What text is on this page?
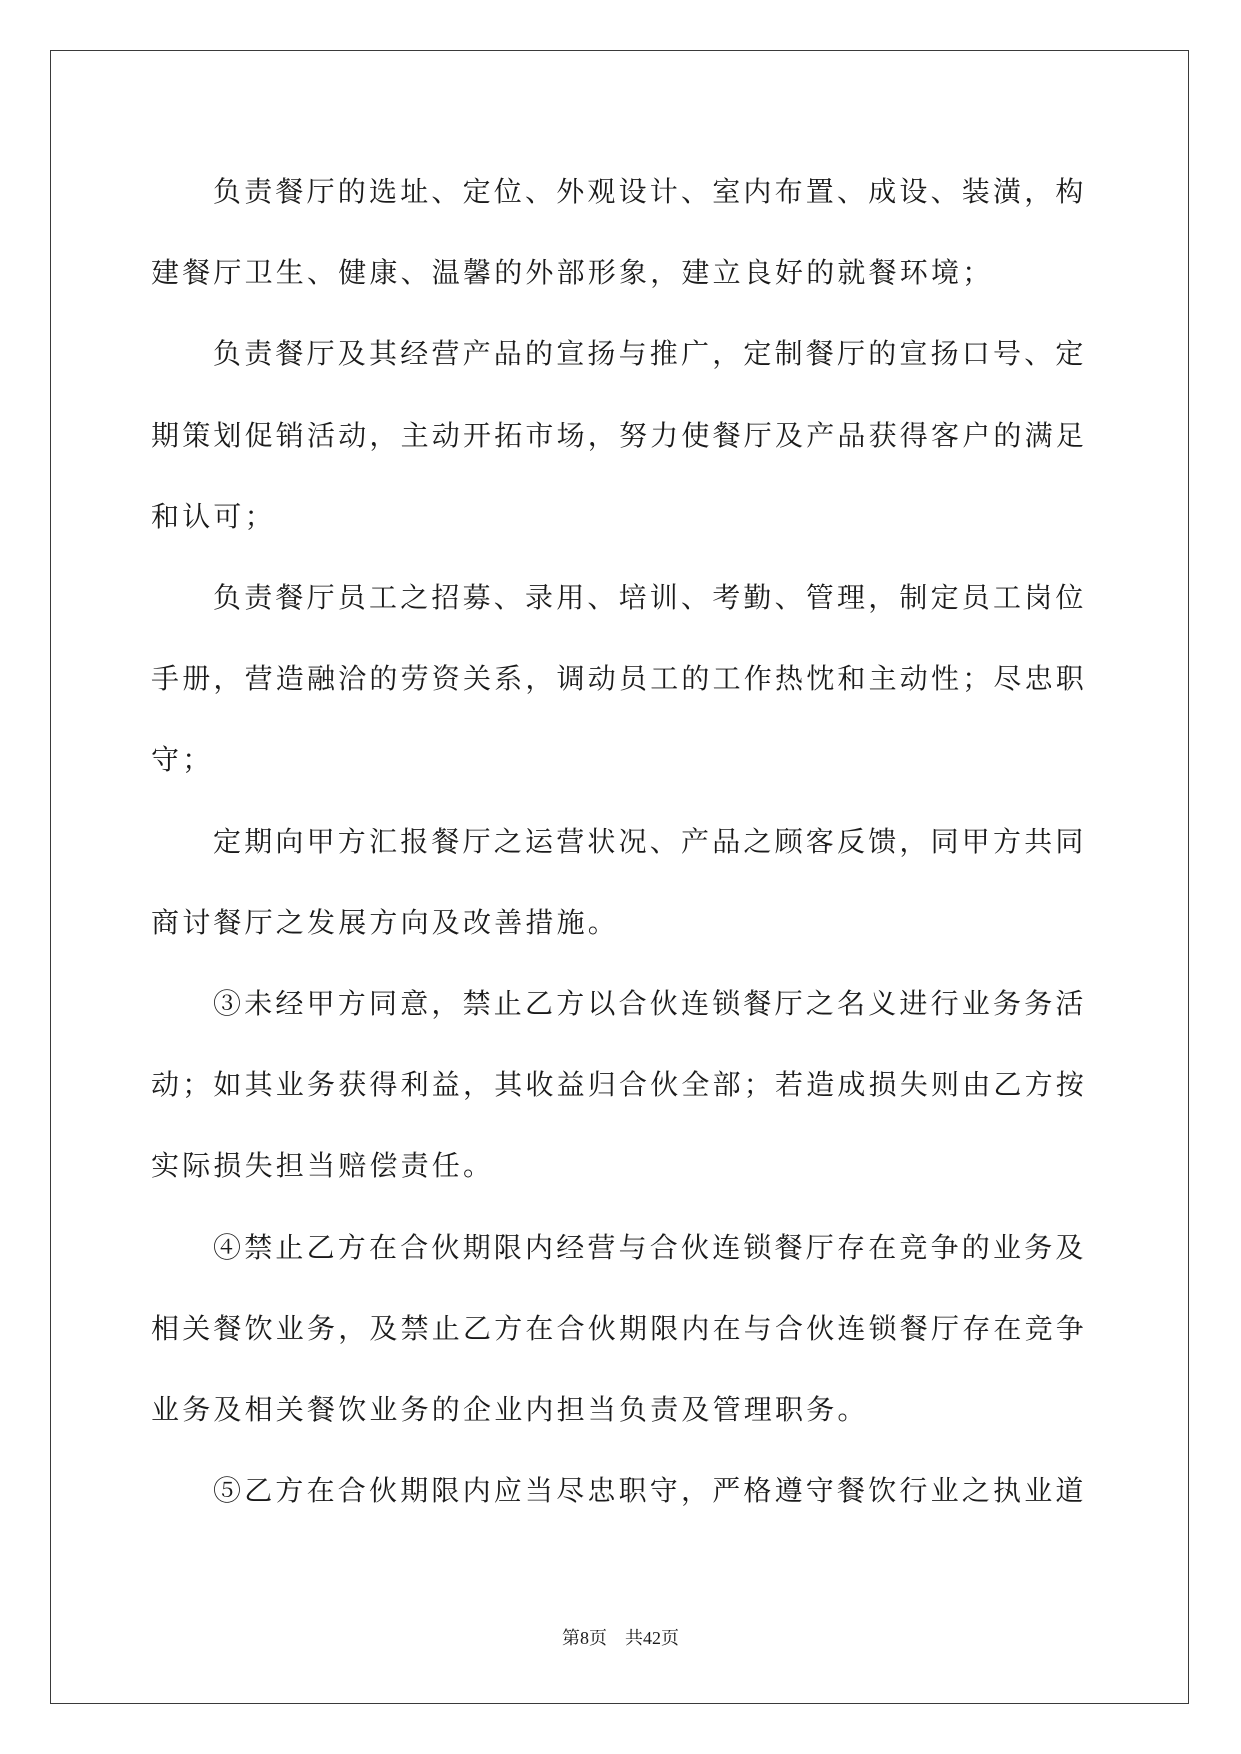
负责餐厅的选址、定位、外观设计、室内布置、成设、装潢，构
建餐厅卫生、健康、温馨的外部形象，建立良好的就餐环境；
负责餐厅及其经营产品的宣扬与推广，定制餐厅的宣扬口号、定
期策划促销活动，主动开拓市场，努力使餐厅及产品获得客户的满足
和认可；
负责餐厅员工之招募、录用、培训、考勤、管理，制定员工岗位
手册，营造融洽的劳资关系，调动员工的工作热忱和主动性；尽忠职
守；
定期向甲方汇报餐厅之运营状况、产品之顾客反馈，同甲方共同
商讨餐厅之发展方向及改善措施。
③未经甲方同意，禁止乙方以合伙连锁餐厅之名义进行业务务活
动；如其业务获得利益，其收益归合伙全部；若造成损失则由乙方按
实际损失担当赔偿责任。
④禁止乙方在合伙期限内经营与合伙连锁餐厅存在竞争的业务及
相关餐饮业务，及禁止乙方在合伙期限内在与合伙连锁餐厅存在竞争
业务及相关餐饮业务的企业内担当负责及管理职务。
⑤乙方在合伙期限内应当尽忠职守，严格遵守餐饮行业之执业道
第8页 共42页
